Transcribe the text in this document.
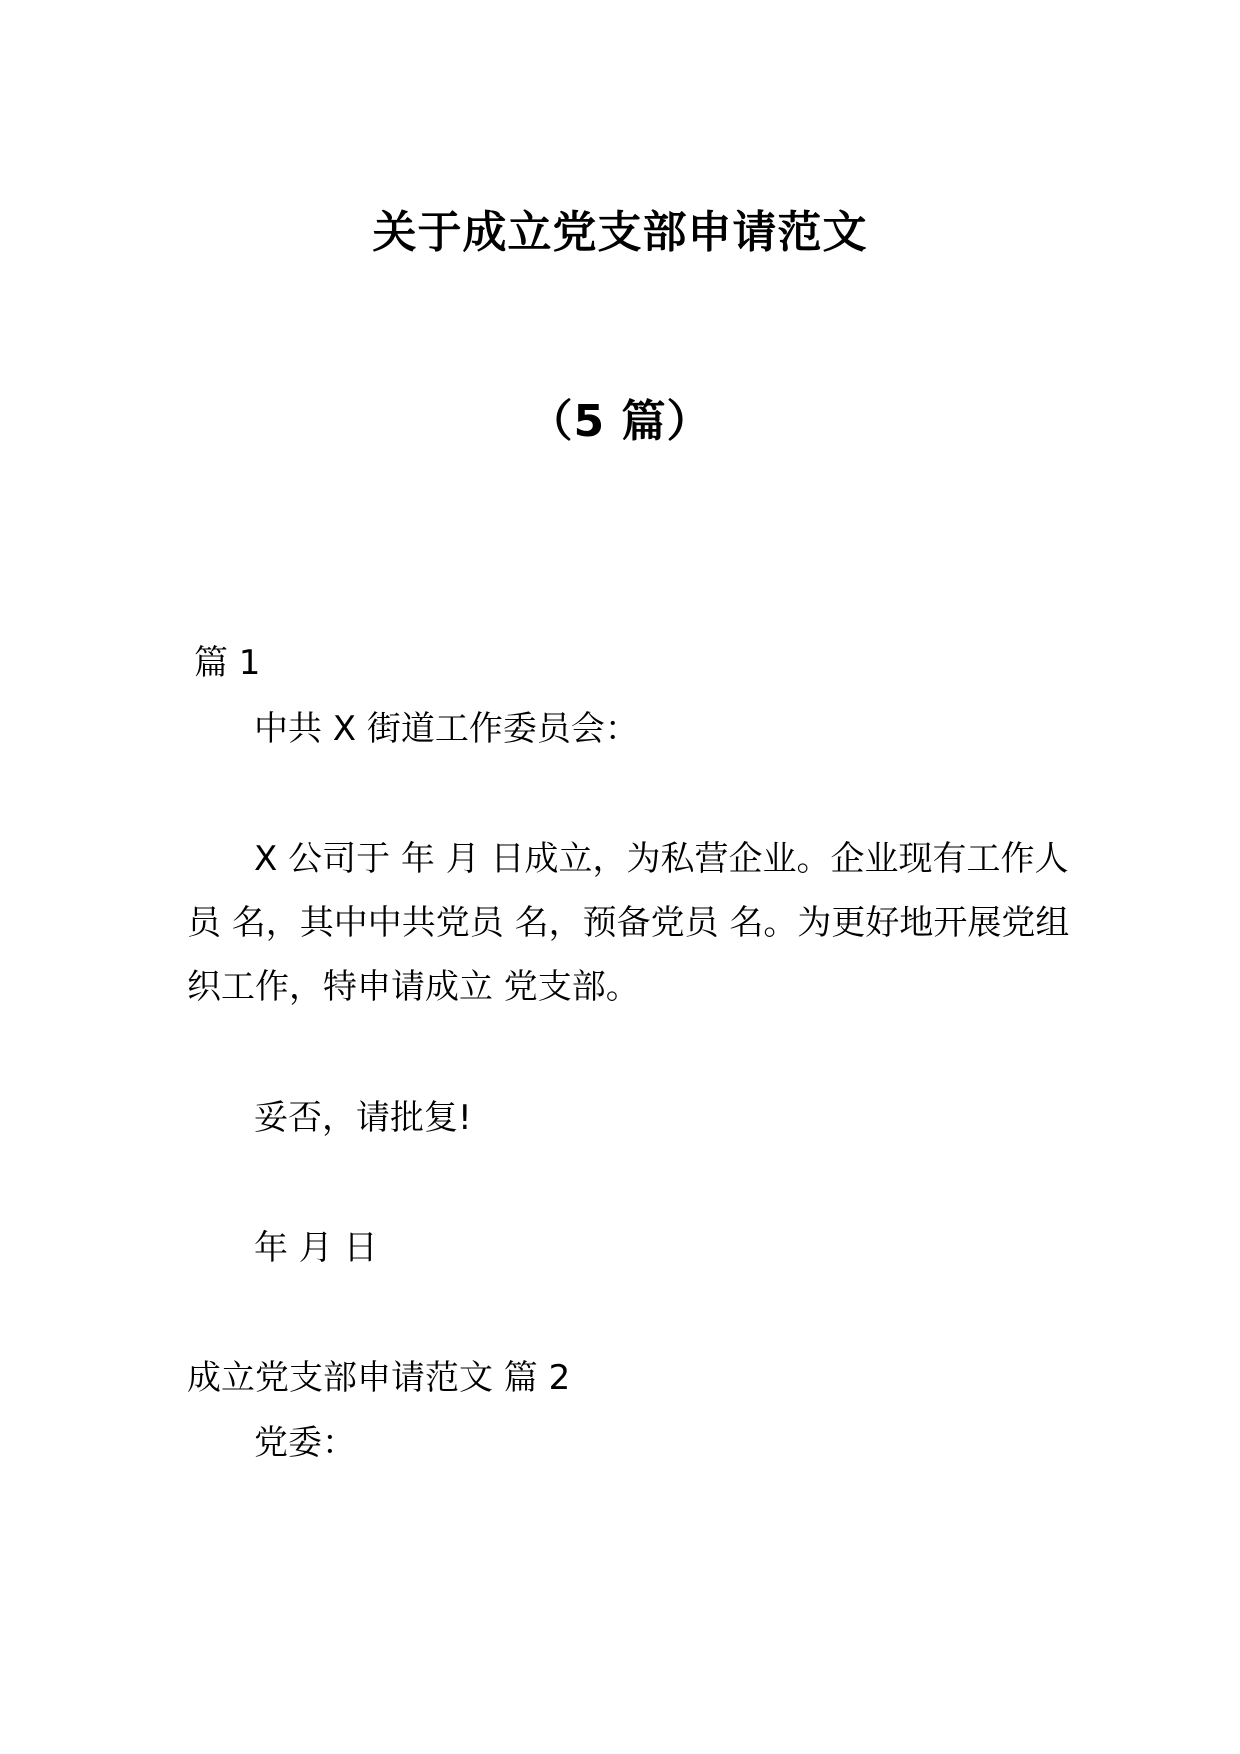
关于成立党支部申请范文
（5 篇）
篇 1
中共 X 街道工作委员会：
X 公司于 年 月 日成立，为私营企业。企业现有工作人
员 名，其中中共党员 名，预备党员 名。为更好地开展党组
织工作，特申请成立 党支部。
妥否，请批复!
年 月 日
成立党支部申请范文 篇 2
党委：
